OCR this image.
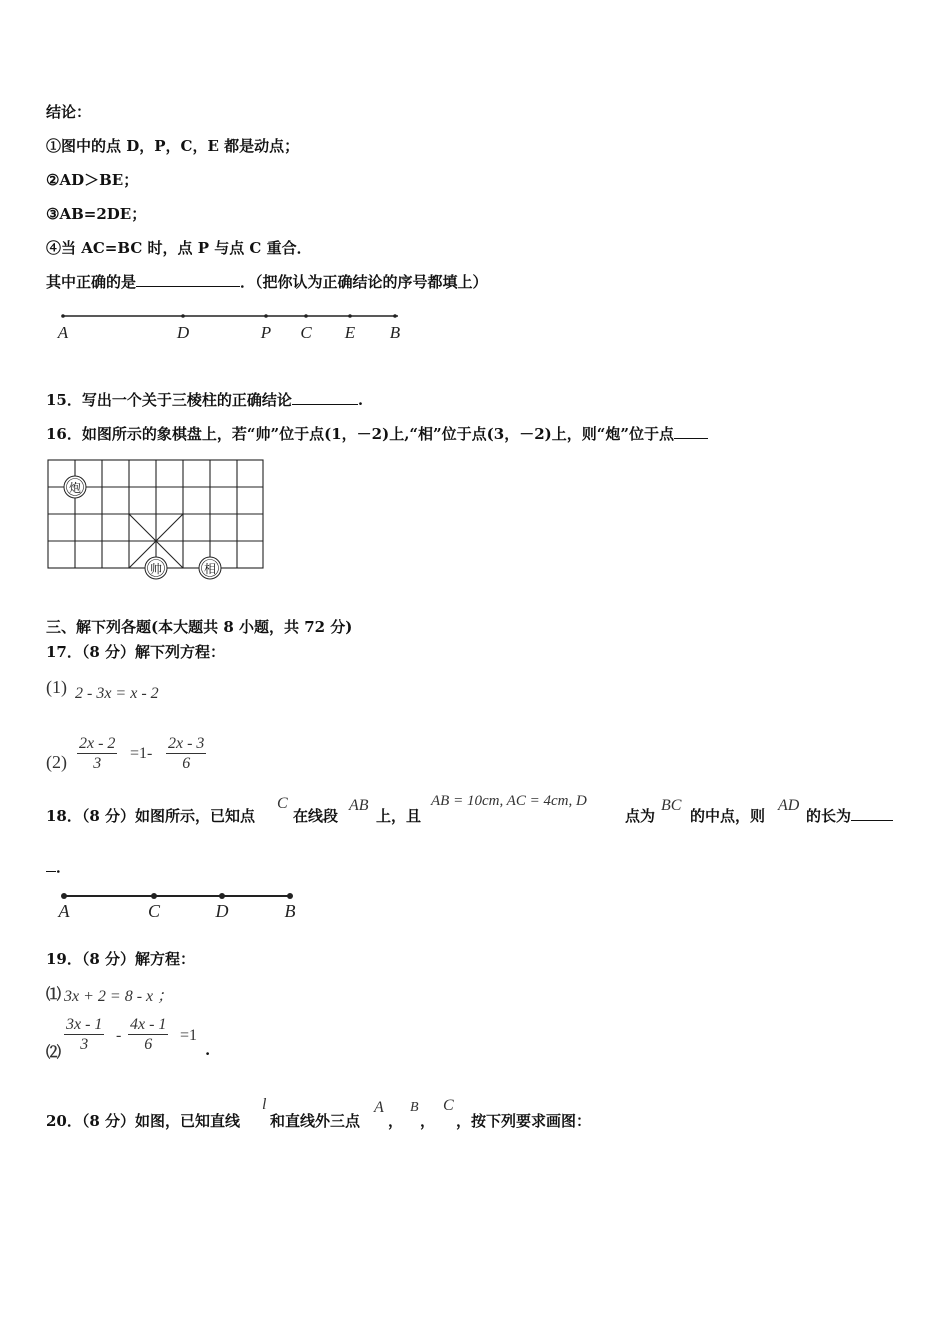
结论：
①图中的点 D，P，C，E 都是动点；
②AD＞BE；
③AB=2DE；
④当 AC=BC 时，点 P 与点 C 重合．
其中正确的是	．（把你认为正确结论的序号都填上）
A	D	P C E B
15．写出一个关于三棱柱的正确结论	.
16．如图所示的象棋盘上，若“帅”位于点(1，－2)上,“相”位于点(3，－2)上，则“炮”位于点
炮
帅	相
三、解下列各题(本大题共 8 小题，共 72 分)
17．（8 分）解下列方程：
(1) 2 - 3x = x - 2
$(2) \frac{2x - 2}{3} =1- \frac{2x - 3}{6}$
18．（8 分）如图所示，已知点
C
在线段
AB
上，且
AB = 10cm, AC = 4cm, D
点为
BC
的中点，则
AD
的长为
．
A	C	D	B
19．（8 分）解方程：
⑴ 3x + 2 = 8 - x ；
⑵ $\frac{3x - 1}{3} - \frac{4x - 1}{6} =1$
.
20．（8 分）如图，已知直线
l
和直线外三点
A
，
B
，
C
，按下列要求画图：
